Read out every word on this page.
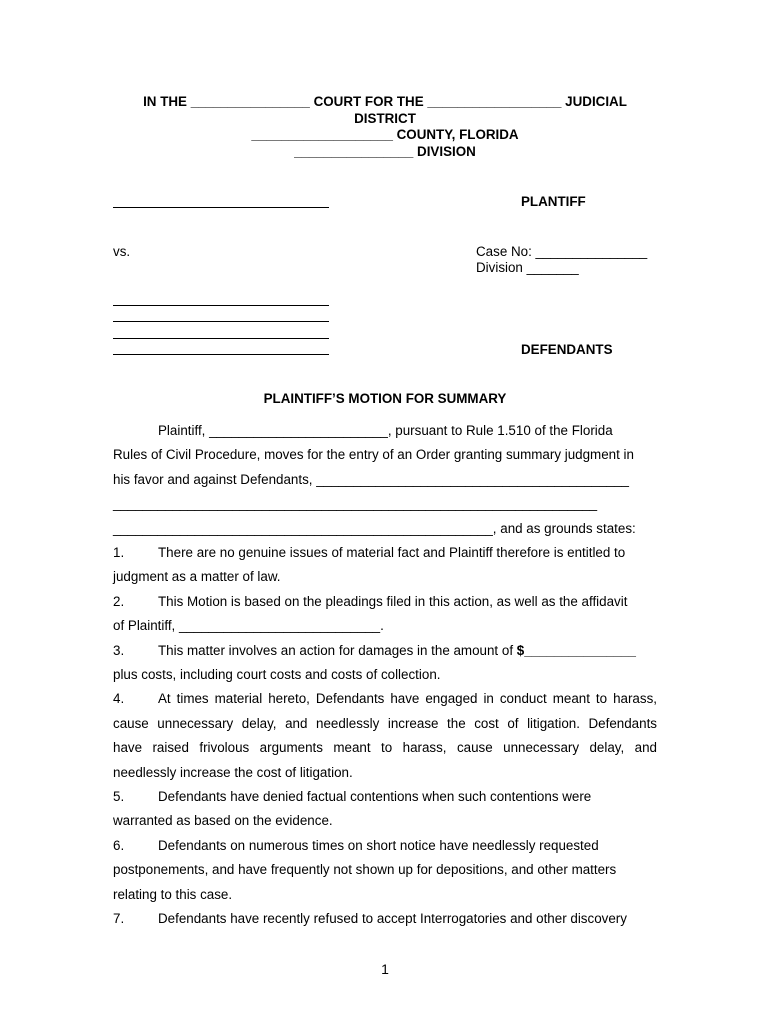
IN THE ________________ COURT FOR THE __________________ JUDICIAL
DISTRICT
___________________ COUNTY, FLORIDA
________________ DIVISION
PLANTIFF
vs.	Case No: _______________
Division _______
DEFENDANTS
PLAINTIFF’S MOTION FOR SUMMARY
Plaintiff, ________________________, pursuant to Rule 1.510 of the Florida
Rules of Civil Procedure, moves for the entry of an Order granting summary judgment in
his favor and against Defendants, __________________________________________
_________________________________________________________________
___________________________________________________, and as grounds states:
1.	There are no genuine issues of material fact and Plaintiff therefore is entitled to
judgment as a matter of law.
2.	This Motion is based on the pleadings filed in this action, as well as the affidavit
of Plaintiff, ___________________________.
3.	This matter involves an action for damages in the amount of $_______________
plus costs, including court costs and costs of collection.
4.	At times material hereto, Defendants have engaged in conduct meant to harass,
cause unnecessary delay, and needlessly increase the cost of litigation. Defendants
have raised frivolous arguments meant to harass, cause unnecessary delay, and
needlessly increase the cost of litigation.
5.	Defendants have denied factual contentions when such contentions were
warranted as based on the evidence.
6.	Defendants on numerous times on short notice have needlessly requested
postponements, and have frequently not shown up for depositions, and other matters
relating to this case.
7.	Defendants have recently refused to accept Interrogatories and other discovery
1
